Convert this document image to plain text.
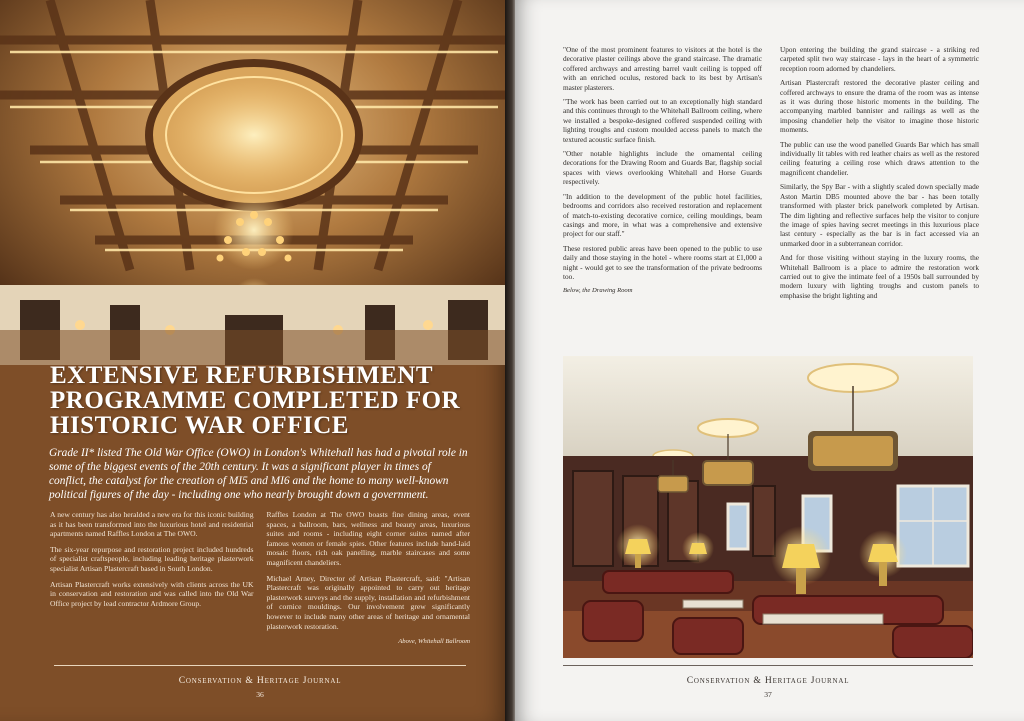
EXTENSIVE REFURBISHMENT
PROGRAMME COMPLETED FOR
HISTORIC WAR OFFICE

Grade II* listed The Old War Office (OWO) in London's Whitehall has had a pivotal role in some of the biggest events of the 20th century. It was a significant player in times of conflict, the catalyst for the creation of MI5 and MI6 and the home to many well-known political figures of the day - including one who nearly brought down a government.

A new century has also heralded a new era for this iconic building as it has been transformed into the luxurious hotel and residential apartments named Raffles London at The OWO.

The six-year repurpose and restoration project included hundreds of specialist craftspeople, including leading heritage plasterwork specialist Artisan Plastercraft based in South London.

Artisan Plastercraft works extensively with clients across the UK in conservation and restoration and was called into the Old War Office project by lead contractor Ardmore Group.

Raffles London at The OWO boasts fine dining areas, event spaces, a ballroom, bars, wellness and beauty areas, luxurious suites and rooms - including eight corner suites named after famous women or female spies. Other features include hand-laid mosaic floors, rich oak panelling, marble staircases and some magnificent chandeliers.

Michael Arney, Director of Artisan Plastercraft, said: "Artisan Plastercraft was originally appointed to carry out heritage plasterwork surveys and the supply, installation and refurbishment of cornice mouldings. Our involvement grew significantly however to include many other areas of heritage and ornamental plasterwork restoration.

Above, Whitehall Ballroom
Conservation & Heritage Journal
36

"One of the most prominent features to visitors at the hotel is the decorative plaster ceilings above the grand staircase. The dramatic coffered archways and arresting barrel vault ceiling is topped off with an enriched oculus, restored back to its best by Artisan's master plasterers.

"The work has been carried out to an exceptionally high standard and this continues through to the Whitehall Ballroom ceiling, where we installed a bespoke-designed coffered suspended ceiling with lighting troughs and custom moulded access panels to match the textured acoustic surface finish.

"Other notable highlights include the ornamental ceiling decorations for the Drawing Room and Guards Bar, flagship social spaces with views overlooking Whitehall and Horse Guards respectively.

"In addition to the development of the public hotel facilities, bedrooms and corridors also received restoration and replacement of match-to-existing decorative cornice, ceiling mouldings, beam casings and more, in what was a comprehensive and extensive project for our staff."

These restored public areas have been opened to the public to use daily and those staying in the hotel - where rooms start at £1,000 a night - would get to see the transformation of the private bedrooms too.

Below, the Drawing Room

Upon entering the building the grand staircase - a striking red carpeted split two way staircase - lays in the heart of a symmetric reception room adorned by chandeliers.

Artisan Plastercraft restored the decorative plaster ceiling and coffered archways to ensure the drama of the room was as intense as it was during those historic moments in the building. The accompanying marbled bannister and railings as well as the imposing chandelier help the visitor to imagine those historic moments.

The public can use the wood panelled Guards Bar which has small individually lit tables with red leather chairs as well as the restored ceiling featuring a ceiling rose which draws attention to the magnificent chandelier.

Similarly, the Spy Bar - with a slightly scaled down specially made Aston Martin DB5 mounted above the bar - has been totally transformed with plaster brick panelwork completed by Artisan. The dim lighting and reflective surfaces help the visitor to conjure the image of spies having secret meetings in this luxurious place last century - especially as the bar is in fact accessed via an unmarked door in a subterranean corridor.

And for those visiting without staying in the luxury rooms, the Whitehall Ballroom is a place to admire the restoration work carried out to give the intimate feel of a 1950s ball surrounded by modern luxury with lighting troughs and custom panels to emphasise the bright lighting and

Conservation & Heritage Journal
37
